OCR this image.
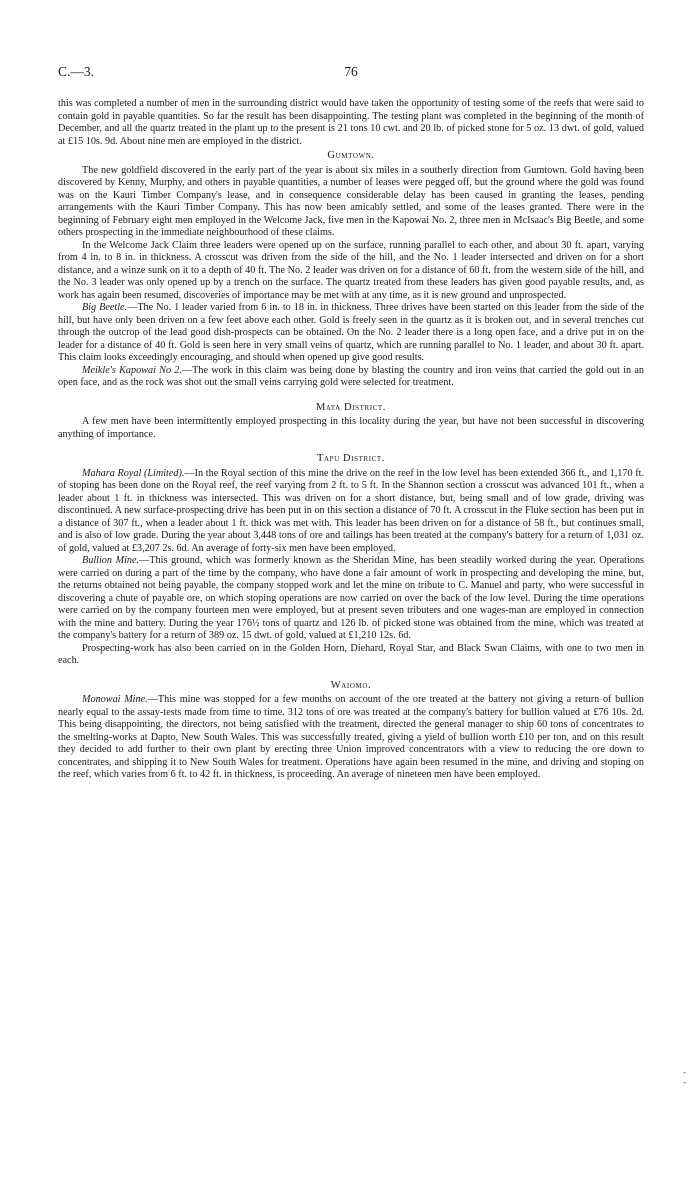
C.—3.	76

this was completed a number of men in the surrounding district would have taken the opportunity of testing some of the reefs that were said to contain gold in payable quantities. So far the result has been disappointing. The testing plant was completed in the beginning of the month of December, and all the quartz treated in the plant up to the present is 21 tons 10 cwt. and 20 lb. of picked stone for 5 oz. 13 dwt. of gold, valued at £15 10s. 9d. About nine men are employed in the district.

Gumtown.

The new goldfield discovered in the early part of the year is about six miles in a southerly direction from Gumtown. Gold having been discovered by Kenny, Murphy, and others in payable quantities, a number of leases were pegged off, but the ground where the gold was found was on the Kauri Timber Company's lease, and in consequence considerable delay has been caused in granting the leases, pending arrangements with the Kauri Timber Company. This has now been amicably settled, and some of the leases granted. There were in the beginning of February eight men employed in the Welcome Jack, five men in the Kapowai No. 2, three men in McIsaac's Big Beetle, and some others prospecting in the immediate neighbourhood of these claims.

In the Welcome Jack Claim three leaders were opened up on the surface, running parallel to each other, and about 30 ft. apart, varying from 4 in. to 8 in. in thickness. A crosscut was driven from the side of the hill, and the No. 1 leader intersected and driven on for a short distance, and a winze sunk on it to a depth of 40 ft. The No. 2 leader was driven on for a distance of 60 ft. from the western side of the hill, and the No. 3 leader was only opened up by a trench on the surface. The quartz treated from these leaders has given good payable results, and, as work has again been resumed, discoveries of importance may be met with at any time, as it is new ground and unprospected.

Big Beetle.—The No. 1 leader varied from 6 in. to 18 in. in thickness. Three drives have been started on this leader from the side of the hill, but have only been driven on a few feet above each other. Gold is freely seen in the quartz as it is broken out, and in several trenches cut through the outcrop of the lead good dish-prospects can be obtained. On the No. 2 leader there is a long open face, and a drive put in on the leader for a distance of 40 ft. Gold is seen here in very small veins of quartz, which are running parallel to No. 1 leader, and about 30 ft. apart. This claim looks exceedingly encouraging, and should when opened up give good results.

Meikle's Kapowai No 2.—The work in this claim was being done by blasting the country and iron veins that carried the gold out in an open face, and as the rock was shot out the small veins carrying gold were selected for treatment.

Mata District.

A few men have been intermittently employed prospecting in this locality during the year, but have not been successful in discovering anything of importance.

Tapu District.

Mahara Royal (Limited).—In the Royal section of this mine the drive on the reef in the low level has been extended 366 ft., and 1,170 ft. of stoping has been done on the Royal reef, the reef varying from 2 ft. to 5 ft. In the Shannon section a crosscut was advanced 101 ft., when a leader about 1 ft. in thickness was intersected. This was driven on for a short distance, but, being small and of low grade, driving was discontinued. A new surface-prospecting drive has been put in on this section a distance of 70 ft. A crosscut in the Fluke section has been put in a distance of 307 ft., when a leader about 1 ft. thick was met with. This leader has been driven on for a distance of 58 ft., but continues small, and is also of low grade. During the year about 3,448 tons of ore and tailings has been treated at the company's battery for a return of 1,031 oz. of gold, valued at £3,207 2s. 6d. An average of forty-six men have been employed.

Bullion Mine.—This ground, which was formerly known as the Sheridan Mine, has been steadily worked during the year. Operations were carried on during a part of the time by the company, who have done a fair amount of work in prospecting and developing the mine, but, the returns obtained not being payable, the company stopped work and let the mine on tribute to C. Manuel and party, who were successful in discovering a chute of payable ore, on which stoping operations are now carried on over the back of the low level. During the time operations were carried on by the company fourteen men were employed, but at present seven tributers and one wages-man are employed in connection with the mine and battery. During the year 176½ tons of quartz and 126 lb. of picked stone was obtained from the mine, which was treated at the company's battery for a return of 389 oz. 15 dwt. of gold, valued at £1,210 12s. 6d.

Prospecting-work has also been carried on in the Golden Horn, Diehard, Royal Star, and Black Swan Claims, with one to two men in each.

Waiomo.

Monowai Mine.—This mine was stopped for a few months on account of the ore treated at the battery not giving a return of bullion nearly equal to the assay-tests made from time to time. 312 tons of ore was treated at the company's battery for bullion valued at £76 10s. 2d. This being disappointing, the directors, not being satisfied with the treatment, directed the general manager to ship 60 tons of concentrates to the smelting-works at Dapto, New South Wales. This was successfully treated, giving a yield of bullion worth £10 per ton, and on this result they decided to add further to their own plant by erecting three Union improved concentrators with a view to reducing the ore down to concentrates, and shipping it to New South Wales for treatment. Operations have again been resumed in the mine, and driving and stoping on the reef, which varies from 6 ft. to 42 ft. in thickness, is proceeding. An average of nineteen men have been employed.

‐
‐
